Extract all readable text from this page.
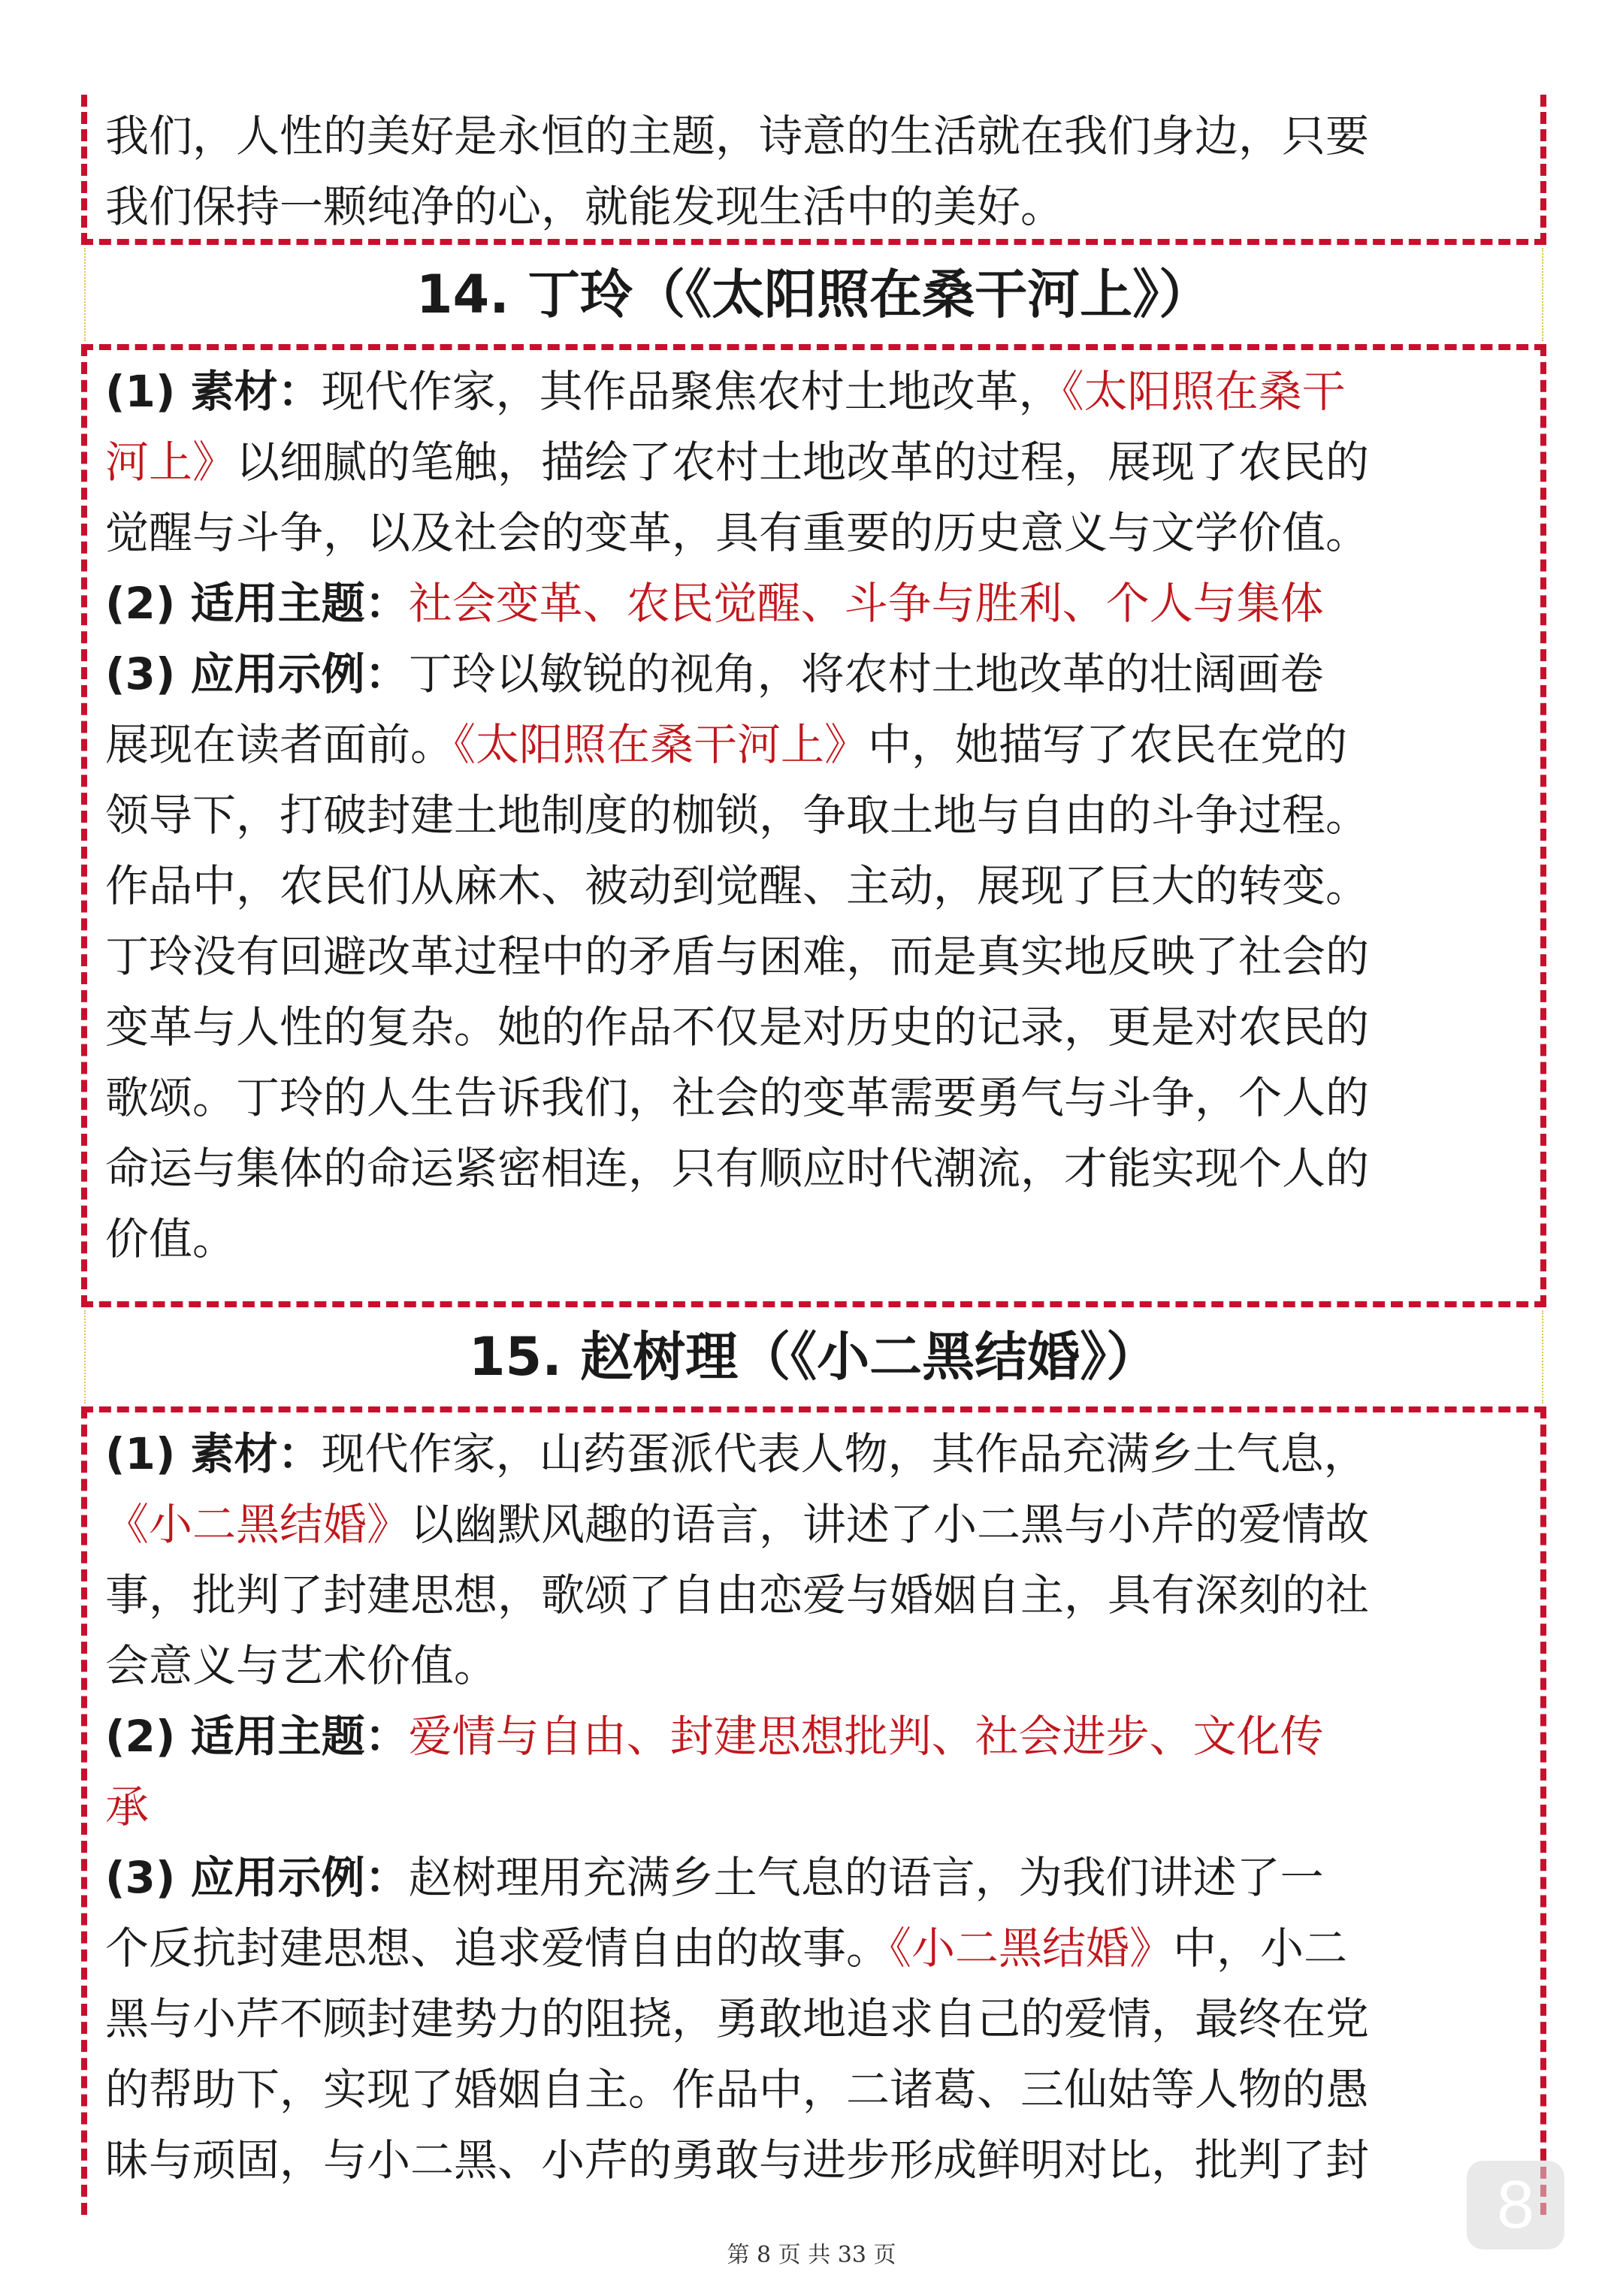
我们，人性的美好是永恒的主题，诗意的生活就在我们身边，只要
我们保持一颗纯净的心，就能发现生活中的美好。
14. 丁玲（《太阳照在桑干河上》）
(1) 素材：现代作家，其作品聚焦农村土地改革，《太阳照在桑干
河上》以细腻的笔触，描绘了农村土地改革的过程，展现了农民的
觉醒与斗争，以及社会的变革，具有重要的历史意义与文学价值。
(2) 适用主题：社会变革、农民觉醒、斗争与胜利、个人与集体
(3) 应用示例：丁玲以敏锐的视角，将农村土地改革的壮阔画卷
展现在读者面前。《太阳照在桑干河上》中，她描写了农民在党的
领导下，打破封建土地制度的枷锁，争取土地与自由的斗争过程。
作品中，农民们从麻木、被动到觉醒、主动，展现了巨大的转变。
丁玲没有回避改革过程中的矛盾与困难，而是真实地反映了社会的
变革与人性的复杂。她的作品不仅是对历史的记录，更是对农民的
歌颂。丁玲的人生告诉我们，社会的变革需要勇气与斗争，个人的
命运与集体的命运紧密相连，只有顺应时代潮流，才能实现个人的
价值。
15. 赵树理（《小二黑结婚》）
(1) 素材：现代作家，山药蛋派代表人物，其作品充满乡土气息，
《小二黑结婚》以幽默风趣的语言，讲述了小二黑与小芹的爱情故
事，批判了封建思想，歌颂了自由恋爱与婚姻自主，具有深刻的社
会意义与艺术价值。
(2) 适用主题：爱情与自由、封建思想批判、社会进步、文化传
承
(3) 应用示例：赵树理用充满乡土气息的语言，为我们讲述了一
个反抗封建思想、追求爱情自由的故事。《小二黑结婚》中，小二
黑与小芹不顾封建势力的阻挠，勇敢地追求自己的爱情，最终在党
的帮助下，实现了婚姻自主。作品中，二诸葛、三仙姑等人物的愚
昧与顽固，与小二黑、小芹的勇敢与进步形成鲜明对比，批判了封
第 8 页 共 33 页
8
